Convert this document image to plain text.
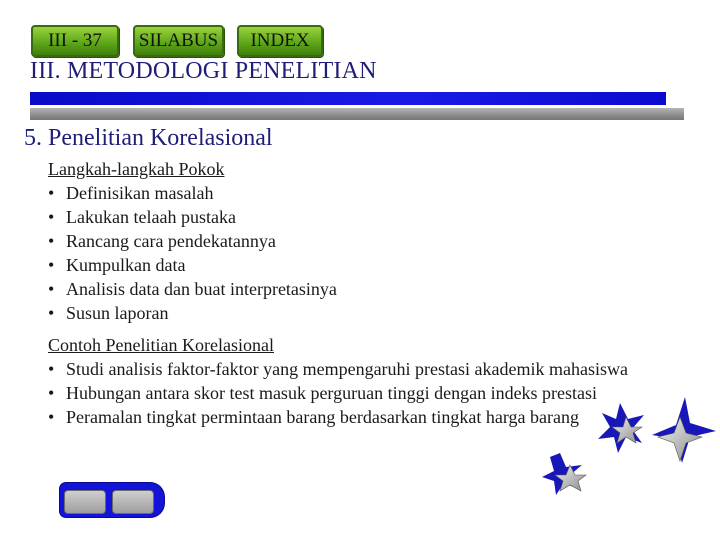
III - 37 SILABUS INDEX
III. METODOLOGI PENELITIAN
5. Penelitian Korelasional
Langkah-langkah Pokok
• Definisikan masalah
• Lakukan telaah pustaka
• Rancang cara pendekatannya
• Kumpulkan data
• Analisis data dan buat interpretasinya
• Susun laporan
Contoh Penelitian Korelasional
• Studi analisis faktor-faktor yang mempengaruhi prestasi akademik mahasiswa
• Hubungan antara skor test masuk perguruan tinggi dengan indeks prestasi
• Peramalan tingkat permintaan barang berdasarkan tingkat harga barang
